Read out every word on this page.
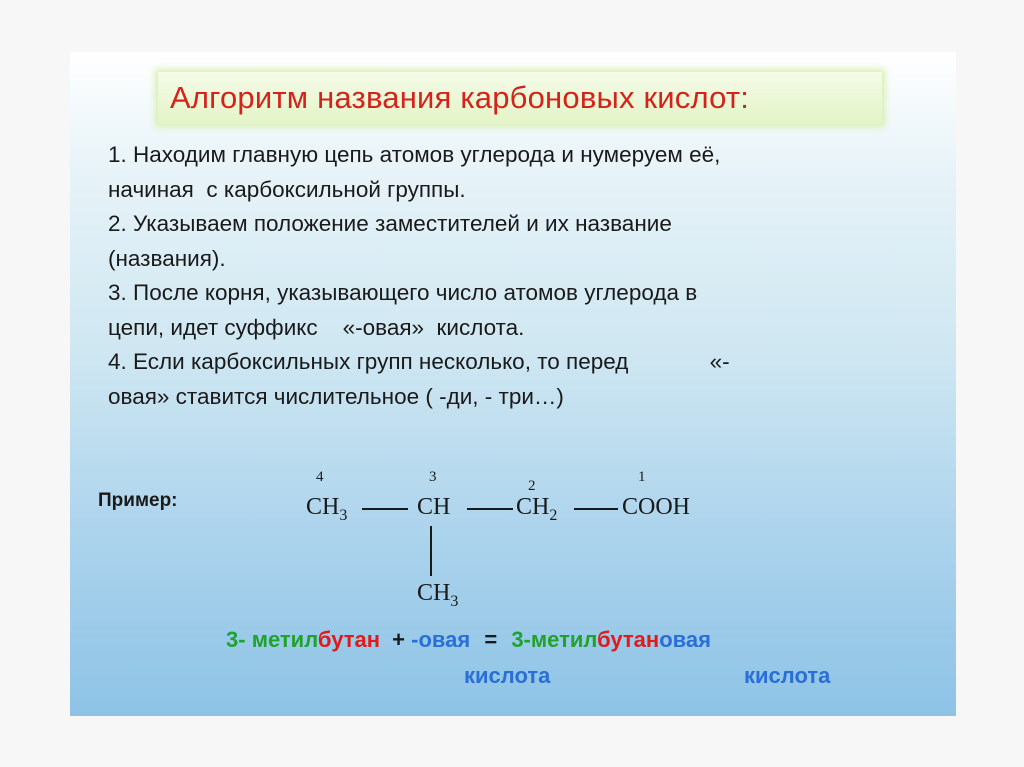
Алгоритм названия карбоновых кислот:
1. Находим главную цепь атомов углерода и нумеруем её,
начиная  с карбоксильной группы.
2. Указываем положение заместителей и их название
(названия).
3. После корня, указывающего число атомов углерода в
цепи, идет суффикс    «-овая»  кислота.
4. Если карбоксильных групп несколько, то перед             «-
овая» ставится числительное ( -ди, - три…)
Пример:
4	3
2
1
$CH_3$	CH	$CH_2$	COOH
$CH_3$
3- метилбутан + -овая = 3-метилбутановая
кислота	кислота
